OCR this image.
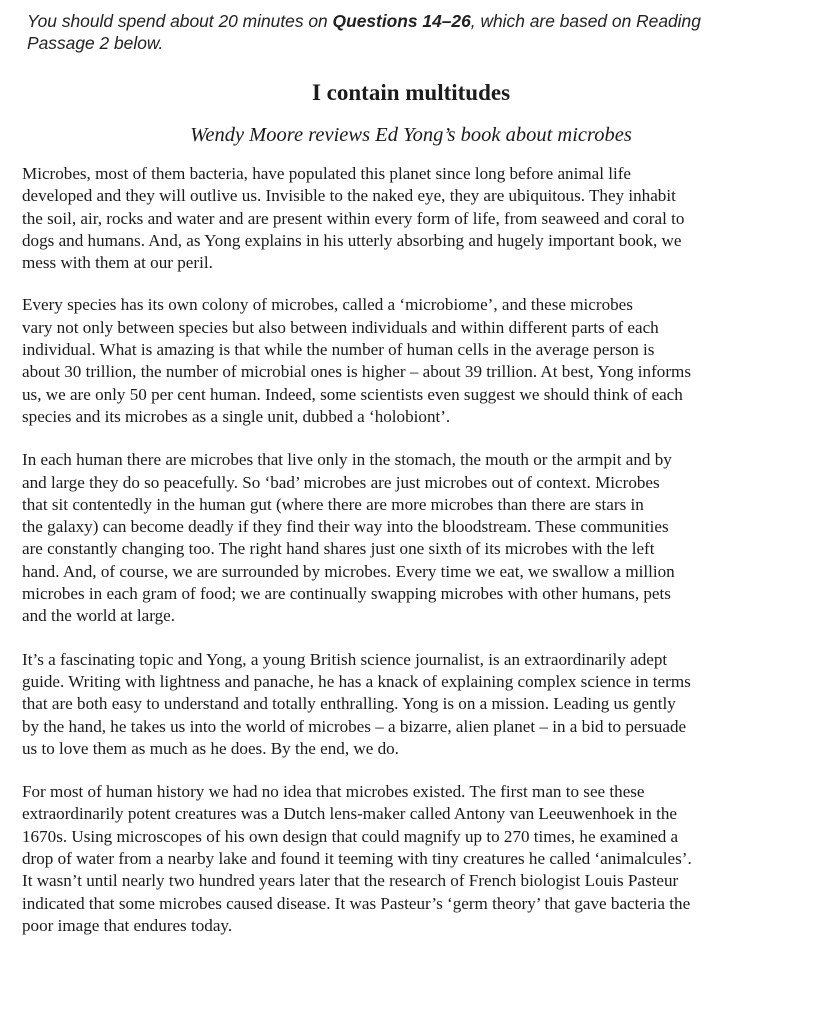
You should spend about 20 minutes on Questions 14–26, which are based on Reading
Passage 2 below.
I contain multitudes
Wendy Moore reviews Ed Yong’s book about microbes
Microbes, most of them bacteria, have populated this planet since long before animal life
developed and they will outlive us. Invisible to the naked eye, they are ubiquitous. They inhabit
the soil, air, rocks and water and are present within every form of life, from seaweed and coral to
dogs and humans. And, as Yong explains in his utterly absorbing and hugely important book, we
mess with them at our peril.
Every species has its own colony of microbes, called a ‘microbiome’, and these microbes
vary not only between species but also between individuals and within different parts of each
individual. What is amazing is that while the number of human cells in the average person is
about 30 trillion, the number of microbial ones is higher – about 39 trillion. At best, Yong informs
us, we are only 50 per cent human. Indeed, some scientists even suggest we should think of each
species and its microbes as a single unit, dubbed a ‘holobiont’.
In each human there are microbes that live only in the stomach, the mouth or the armpit and by
and large they do so peacefully. So ‘bad’ microbes are just microbes out of context. Microbes
that sit contentedly in the human gut (where there are more microbes than there are stars in
the galaxy) can become deadly if they find their way into the bloodstream. These communities
are constantly changing too. The right hand shares just one sixth of its microbes with the left
hand. And, of course, we are surrounded by microbes. Every time we eat, we swallow a million
microbes in each gram of food; we are continually swapping microbes with other humans, pets
and the world at large.
It’s a fascinating topic and Yong, a young British science journalist, is an extraordinarily adept
guide. Writing with lightness and panache, he has a knack of explaining complex science in terms
that are both easy to understand and totally enthralling. Yong is on a mission. Leading us gently
by the hand, he takes us into the world of microbes – a bizarre, alien planet – in a bid to persuade
us to love them as much as he does. By the end, we do.
For most of human history we had no idea that microbes existed. The first man to see these
extraordinarily potent creatures was a Dutch lens-maker called Antony van Leeuwenhoek in the
1670s. Using microscopes of his own design that could magnify up to 270 times, he examined a
drop of water from a nearby lake and found it teeming with tiny creatures he called ‘animalcules’.
It wasn’t until nearly two hundred years later that the research of French biologist Louis Pasteur
indicated that some microbes caused disease. It was Pasteur’s ‘germ theory’ that gave bacteria the
poor image that endures today.
